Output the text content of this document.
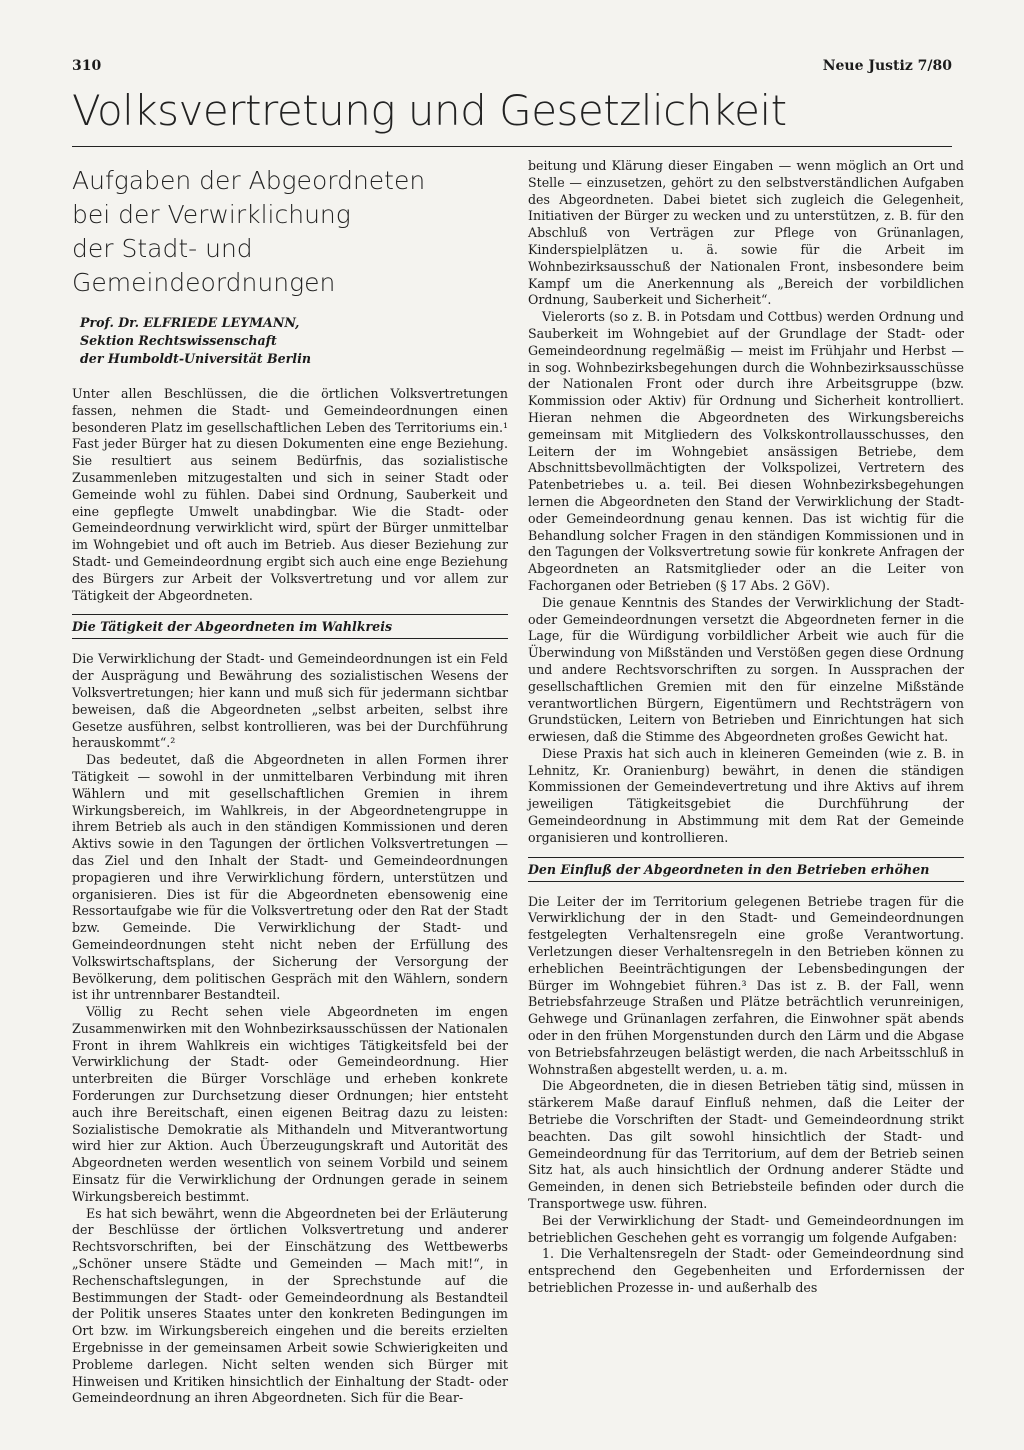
310	Neue Justiz 7/80
Volksvertretung und Gesetzlichkeit
Aufgaben der Abgeordneten
bei der Verwirklichung
der Stadt- und Gemeindeordnungen
Prof. Dr. ELFRIEDE LEYMANN,
Sektion Rechtswissenschaft
der Humboldt-Universität Berlin

Unter allen Beschlüssen, die die örtlichen Volksvertretungen fassen, nehmen die Stadt- und Gemeindeordnungen einen besonderen Platz im gesellschaftlichen Leben des Territoriums ein.¹ Fast jeder Bürger hat zu diesen Dokumenten eine enge Beziehung. Sie resultiert aus seinem Bedürfnis, das sozialistische Zusammenleben mitzugestalten und sich in seiner Stadt oder Gemeinde wohl zu fühlen. Dabei sind Ordnung, Sauberkeit und eine gepflegte Umwelt unabdingbar. Wie die Stadt- oder Gemeindeordnung verwirklicht wird, spürt der Bürger unmittelbar im Wohngebiet und oft auch im Betrieb. Aus dieser Beziehung zur Stadt- und Gemeindeordnung ergibt sich auch eine enge Beziehung des Bürgers zur Arbeit der Volksvertretung und vor allem zur Tätigkeit der Abgeordneten.

Die Tätigkeit der Abgeordneten im Wahlkreis

Die Verwirklichung der Stadt- und Gemeindeordnungen ist ein Feld der Ausprägung und Bewährung des sozialistischen Wesens der Volksvertretungen; hier kann und muß sich für jedermann sichtbar beweisen, daß die Abgeordneten „selbst arbeiten, selbst ihre Gesetze ausführen, selbst kontrollieren, was bei der Durchführung herauskommt“.²

Das bedeutet, daß die Abgeordneten in allen Formen ihrer Tätigkeit — sowohl in der unmittelbaren Verbindung mit ihren Wählern und mit gesellschaftlichen Gremien in ihrem Wirkungsbereich, im Wahlkreis, in der Abgeordnetengruppe in ihrem Betrieb als auch in den ständigen Kommissionen und deren Aktivs sowie in den Tagungen der örtlichen Volksvertretungen — das Ziel und den Inhalt der Stadt- und Gemeindeordnungen propagieren und ihre Verwirklichung fördern, unterstützen und organisieren. Dies ist für die Abgeordneten ebensowenig eine Ressortaufgabe wie für die Volksvertretung oder den Rat der Stadt bzw. Gemeinde. Die Verwirklichung der Stadt- und Gemeindeordnungen steht nicht neben der Erfüllung des Volkswirtschaftsplans, der Sicherung der Versorgung der Bevölkerung, dem politischen Gespräch mit den Wählern, sondern ist ihr untrennbarer Bestandteil.

Völlig zu Recht sehen viele Abgeordneten im engen Zusammenwirken mit den Wohnbezirksausschüssen der Nationalen Front in ihrem Wahlkreis ein wichtiges Tätigkeitsfeld bei der Verwirklichung der Stadt- oder Gemeindeordnung. Hier unterbreiten die Bürger Vorschläge und erheben konkrete Forderungen zur Durchsetzung dieser Ordnungen; hier entsteht auch ihre Bereitschaft, einen eigenen Beitrag dazu zu leisten: Sozialistische Demokratie als Mithandeln und Mitverantwortung wird hier zur Aktion. Auch Überzeugungskraft und Autorität des Abgeordneten werden wesentlich von seinem Vorbild und seinem Einsatz für die Verwirklichung der Ordnungen gerade in seinem Wirkungsbereich bestimmt.

Es hat sich bewährt, wenn die Abgeordneten bei der Erläuterung der Beschlüsse der örtlichen Volksvertretung und anderer Rechtsvorschriften, bei der Einschätzung des Wettbewerbs „Schöner unsere Städte und Gemeinden — Mach mit!“, in Rechenschaftslegungen, in der Sprechstunde auf die Bestimmungen der Stadt- oder Gemeindeordnung als Bestandteil der Politik unseres Staates unter den konkreten Bedingungen im Ort bzw. im Wirkungsbereich eingehen und die bereits erzielten Ergebnisse in der gemeinsamen Arbeit sowie Schwierigkeiten und Probleme darlegen. Nicht selten wenden sich Bürger mit Hinweisen und Kritiken hinsichtlich der Einhaltung der Stadt- oder Gemeindeordnung an ihren Abgeordneten. Sich für die Bear-

beitung und Klärung dieser Eingaben — wenn möglich an Ort und Stelle — einzusetzen, gehört zu den selbstverständlichen Aufgaben des Abgeordneten. Dabei bietet sich zugleich die Gelegenheit, Initiativen der Bürger zu wecken und zu unterstützen, z. B. für den Abschluß von Verträgen zur Pflege von Grünanlagen, Kinderspielplätzen u. ä. sowie für die Arbeit im Wohnbezirksausschuß der Nationalen Front, insbesondere beim Kampf um die Anerkennung als „Bereich der vorbildlichen Ordnung, Sauberkeit und Sicherheit“.

Vielerorts (so z. B. in Potsdam und Cottbus) werden Ordnung und Sauberkeit im Wohngebiet auf der Grundlage der Stadt- oder Gemeindeordnung regelmäßig — meist im Frühjahr und Herbst — in sog. Wohnbezirksbegehungen durch die Wohnbezirksausschüsse der Nationalen Front oder durch ihre Arbeitsgruppe (bzw. Kommission oder Aktiv) für Ordnung und Sicherheit kontrolliert. Hieran nehmen die Abgeordneten des Wirkungsbereichs gemeinsam mit Mitgliedern des Volkskontrollausschusses, den Leitern der im Wohngebiet ansässigen Betriebe, dem Abschnittsbevollmächtigten der Volkspolizei, Vertretern des Patenbetriebes u. a. teil. Bei diesen Wohnbezirksbegehungen lernen die Abgeordneten den Stand der Verwirklichung der Stadt- oder Gemeindeordnung genau kennen. Das ist wichtig für die Behandlung solcher Fragen in den ständigen Kommissionen und in den Tagungen der Volksvertretung sowie für konkrete Anfragen der Abgeordneten an Ratsmitglieder oder an die Leiter von Fachorganen oder Betrieben (§ 17 Abs. 2 GöV).

Die genaue Kenntnis des Standes der Verwirklichung der Stadt- oder Gemeindeordnungen versetzt die Abgeordneten ferner in die Lage, für die Würdigung vorbildlicher Arbeit wie auch für die Überwindung von Mißständen und Verstößen gegen diese Ordnung und andere Rechtsvorschriften zu sorgen. In Aussprachen der gesellschaftlichen Gremien mit den für einzelne Mißstände verantwortlichen Bürgern, Eigentümern und Rechtsträgern von Grundstücken, Leitern von Betrieben und Einrichtungen hat sich erwiesen, daß die Stimme des Abgeordneten großes Gewicht hat.

Diese Praxis hat sich auch in kleineren Gemeinden (wie z. B. in Lehnitz, Kr. Oranienburg) bewährt, in denen die ständigen Kommissionen der Gemeindevertretung und ihre Aktivs auf ihrem jeweiligen Tätigkeitsgebiet die Durchführung der Gemeindeordnung in Abstimmung mit dem Rat der Gemeinde organisieren und kontrollieren.

Den Einfluß der Abgeordneten in den Betrieben erhöhen

Die Leiter der im Territorium gelegenen Betriebe tragen für die Verwirklichung der in den Stadt- und Gemeindeordnungen festgelegten Verhaltensregeln eine große Verantwortung. Verletzungen dieser Verhaltensregeln in den Betrieben können zu erheblichen Beeinträchtigungen der Lebensbedingungen der Bürger im Wohngebiet führen.³ Das ist z. B. der Fall, wenn Betriebsfahrzeuge Straßen und Plätze beträchtlich verunreinigen, Gehwege und Grünanlagen zerfahren, die Einwohner spät abends oder in den frühen Morgenstunden durch den Lärm und die Abgase von Betriebsfahrzeugen belästigt werden, die nach Arbeitsschluß in Wohnstraßen abgestellt werden, u. a. m.

Die Abgeordneten, die in diesen Betrieben tätig sind, müssen in stärkerem Maße darauf Einfluß nehmen, daß die Leiter der Betriebe die Vorschriften der Stadt- und Gemeindeordnung strikt beachten. Das gilt sowohl hinsichtlich der Stadt- und Gemeindeordnung für das Territorium, auf dem der Betrieb seinen Sitz hat, als auch hinsichtlich der Ordnung anderer Städte und Gemeinden, in denen sich Betriebsteile befinden oder durch die Transportwege usw. führen.

Bei der Verwirklichung der Stadt- und Gemeindeordnungen im betrieblichen Geschehen geht es vorrangig um folgende Aufgaben:

1. Die Verhaltensregeln der Stadt- oder Gemeindeordnung sind entsprechend den Gegebenheiten und Erfordernissen der betrieblichen Prozesse in- und außerhalb des
